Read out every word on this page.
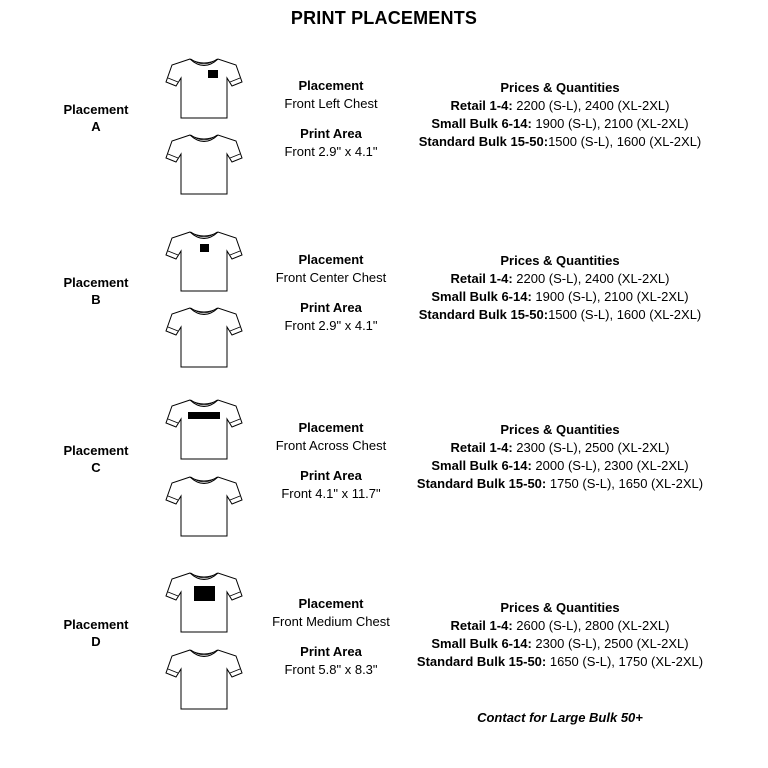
PRINT PLACEMENTS
Placement
A
Placement
Front Left Chest
Print Area
Front 2.9" x 4.1"
Prices & Quantities
Retail 1-4: 2200 (S-L), 2400 (XL-2XL)
Small Bulk 6-14: 1900 (S-L), 2100 (XL-2XL)
Standard Bulk 15-50:1500 (S-L), 1600 (XL-2XL)
Placement
B
Placement
Front Center Chest
Print Area
Front 2.9" x 4.1"
Prices & Quantities
Retail 1-4: 2200 (S-L), 2400 (XL-2XL)
Small Bulk 6-14: 1900 (S-L), 2100 (XL-2XL)
Standard Bulk 15-50:1500 (S-L), 1600 (XL-2XL)
Placement
C
Placement
Front Across Chest
Print Area
Front 4.1" x 11.7"
Prices & Quantities
Retail 1-4: 2300 (S-L), 2500 (XL-2XL)
Small Bulk 6-14: 2000 (S-L), 2300 (XL-2XL)
Standard Bulk 15-50: 1750 (S-L), 1650 (XL-2XL)
Placement
D
Placement
Front Medium Chest
Print Area
Front 5.8" x 8.3"
Prices & Quantities
Retail 1-4: 2600 (S-L), 2800 (XL-2XL)
Small Bulk 6-14: 2300 (S-L), 2500 (XL-2XL)
Standard Bulk 15-50: 1650 (S-L), 1750 (XL-2XL)
Contact for Large Bulk 50+
